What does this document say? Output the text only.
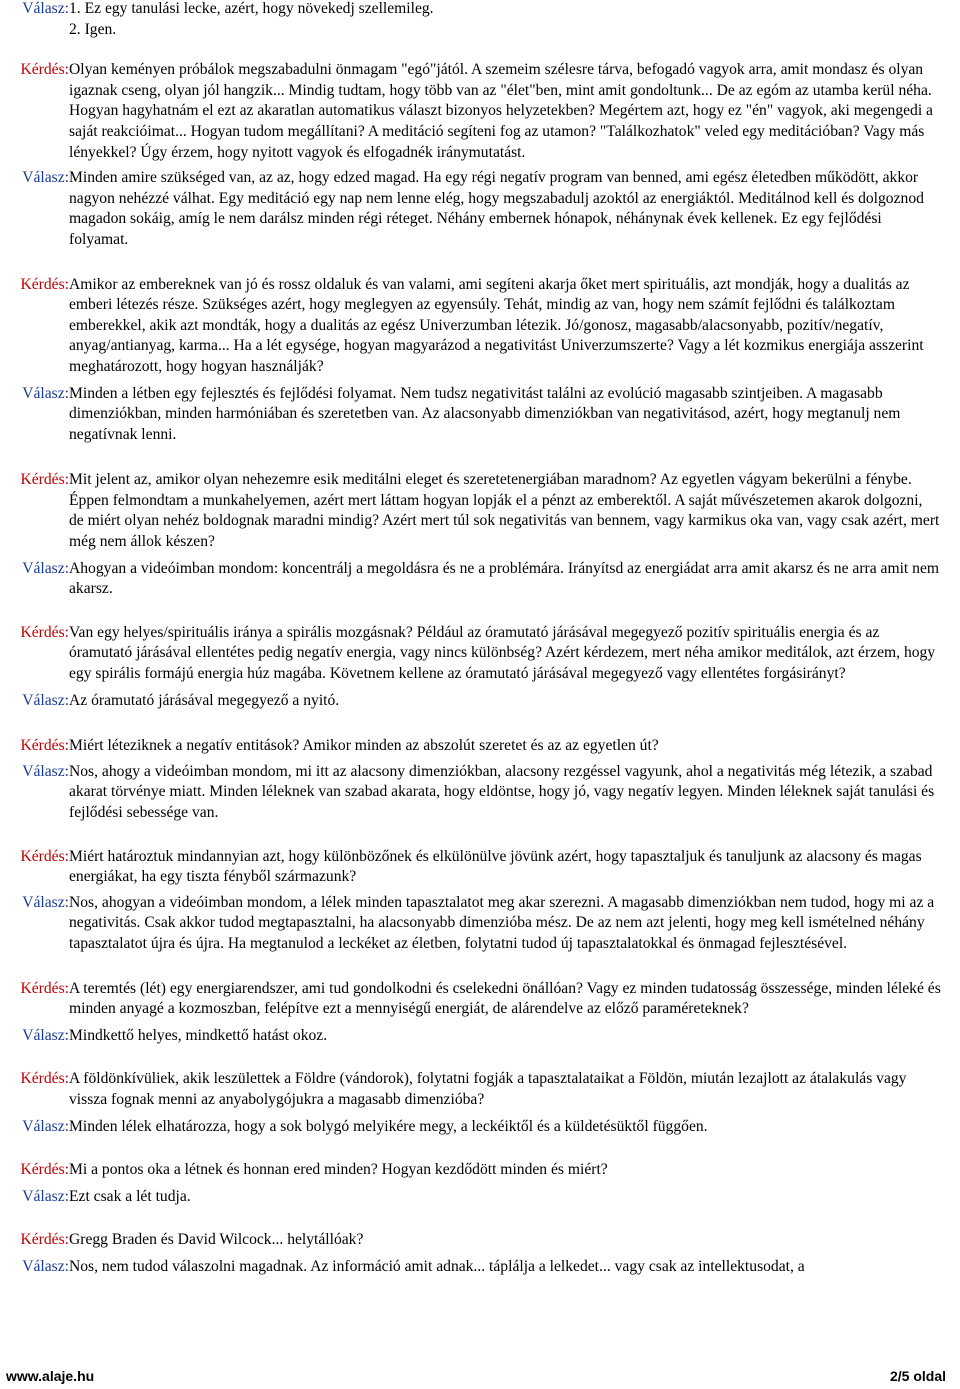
Válasz: 1. Ez egy tanulási lecke, azért, hogy növekedj szellemileg.

2. Igen.

Kérdés: Olyan keményen próbálok megszabadulni önmagam "egó"jától. A szemeim szélesre tárva, befogadó vagyok arra, amit mondasz és olyan igaznak cseng, olyan jól hangzik... Mindig tudtam, hogy több van az "élet"ben, mint amit gondoltunk... De az egóm az utamba kerül néha. Hogyan hagyhatnám el ezt az akaratlan automatikus választ bizonyos helyzetekben? Megértem azt, hogy ez "én" vagyok, aki megengedi a saját reakcióimat... Hogyan tudom megállítani? A meditáció segíteni fog az utamon? "Találkozhatok" veled egy meditációban? Vagy más lényekkel? Úgy érzem, hogy nyitott vagyok és elfogadnék iránymutatást.
Válasz: Minden amire szükséged van, az az, hogy edzed magad. Ha egy régi negatív program van benned, ami egész életedben működött, akkor nagyon nehézzé válhat. Egy meditáció egy nap nem lenne elég, hogy megszabadulj azoktól az energiáktól. Meditálnod kell és dolgoznod magadon sokáig, amíg le nem darálsz minden régi réteget. Néhány embernek hónapok, néhánynak évek kellenek. Ez egy fejlődési folyamat.
Kérdés: Amikor az embereknek van jó és rossz oldaluk és van valami, ami segíteni akarja őket mert spirituális, azt mondják, hogy a dualitás az emberi létezés része. Szükséges azért, hogy meglegyen az egyensúly. Tehát, mindig az van, hogy nem számít fejlődni és találkoztam emberekkel, akik azt mondták, hogy a dualitás az egész Univerzumban létezik. Jó/gonosz, magasabb/alacsonyabb, pozitív/negatív, anyag/antianyag, karma... Ha a lét egysége, hogyan magyarázod a negativitást Univerzumszerte? Vagy a lét kozmikus energiája asszerint meghatározott, hogy hogyan használják?
Válasz: Minden a létben egy fejlesztés és fejlődési folyamat. Nem tudsz negativitást találni az evolúció magasabb szintjeiben. A magasabb dimenziókban, minden harmóniában és szeretetben van. Az alacsonyabb dimenziókban van negativitásod, azért, hogy megtanulj nem negatívnak lenni.
Kérdés: Mit jelent az, amikor olyan nehezemre esik meditálni eleget és szeretetenergiában maradnom? Az egyetlen vágyam bekerülni a fénybe. Éppen felmondtam a munkahelyemen, azért mert láttam hogyan lopják el a pénzt az emberektől. A saját művészetemen akarok dolgozni, de miért olyan nehéz boldognak maradni mindig? Azért mert túl sok negativitás van bennem, vagy karmikus oka van, vagy csak azért, mert még nem állok készen?
Válasz: Ahogyan a videóimban mondom: koncentrálj a megoldásra és ne a problémára. Irányítsd az energiádat arra amit akarsz és ne arra amit nem akarsz.
Kérdés: Van egy helyes/spirituális iránya a spirális mozgásnak? Például az óramutató járásával megegyező pozitív spirituális energia és az óramutató járásával ellentétes pedig negatív energia, vagy nincs különbség? Azért kérdezem, mert néha amikor meditálok, azt érzem, hogy egy spirális formájú energia húz magába. Követnem kellene az óramutató járásával megegyező vagy ellentétes forgásirányt?
Válasz: Az óramutató járásával megegyező a nyitó.
Kérdés: Miért léteziknek a negatív entitások? Amikor minden az abszolút szeretet és az az egyetlen út?
Válasz: Nos, ahogy a videóimban mondom, mi itt az alacsony dimenziókban, alacsony rezgéssel vagyunk, ahol a negativitás még létezik, a szabad akarat törvénye miatt. Minden léleknek van szabad akarata, hogy eldöntse, hogy jó, vagy negatív legyen. Minden léleknek saját tanulási és fejlődési sebessége van.
Kérdés: Miért határoztuk mindannyian azt, hogy különbözőnek és elkülönülve jövünk azért, hogy tapasztaljuk és tanuljunk az alacsony és magas energiákat, ha egy tiszta fényből származunk?
Válasz: Nos, ahogyan a videóimban mondom, a lélek minden tapasztalatot meg akar szerezni. A magasabb dimenziókban nem tudod, hogy mi az a negativitás. Csak akkor tudod megtapasztalni, ha alacsonyabb dimenzióba mész. De az nem azt jelenti, hogy meg kell ismételned néhány tapasztalatot újra és újra. Ha megtanulod a leckéket az életben, folytatni tudod új tapasztalatokkal és önmagad fejlesztésével.
Kérdés: A teremtés (lét) egy energiarendszer, ami tud gondolkodni és cselekedni önállóan? Vagy ez minden tudatosság összessége, minden léleké és minden anyagé a kozmoszban, felépítve ezt a mennyiségű energiát, de alárendelve az előző paraméreteknek?
Válasz: Mindkettő helyes, mindkettő hatást okoz.
Kérdés: A földönkívüliek, akik leszülettek a Földre (vándorok), folytatni fogják a tapasztalataikat a Földön, miután lezajlott az átalakulás vagy vissza fognak menni az anyabolygójukra a magasabb dimenzióba?
Válasz: Minden lélek elhatározza, hogy a sok bolygó melyikére megy, a leckéiktől és a küldetésüktől függően.
Kérdés: Mi a pontos oka a létnek és honnan ered minden? Hogyan kezdődött minden és miért?
Válasz: Ezt csak a lét tudja.
Kérdés: Gregg Braden és David Wilcock... helytállóak?
Válasz: Nos, nem tudod válaszolni magadnak. Az információ amit adnak... táplálja a lelkedet... vagy csak az intellektusodat, a
www.alaje.hu	2/5 oldal
